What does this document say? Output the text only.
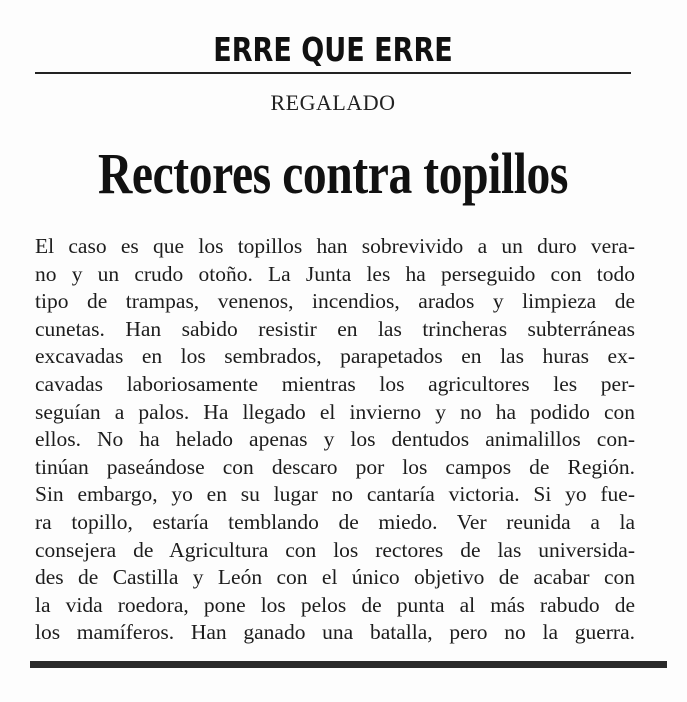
ERRE QUE ERRE
REGALADO
Rectores contra topillos
El caso es que los topillos han sobrevivido a un duro vera-
no y un crudo otoño. La Junta les ha perseguido con todo
tipo de trampas, venenos, incendios, arados y limpieza de
cunetas. Han sabido resistir en las trincheras subterráneas
excavadas en los sembrados, parapetados en las huras ex-
cavadas laboriosamente mientras los agricultores les per-
seguían a palos. Ha llegado el invierno y no ha podido con
ellos. No ha helado apenas y los dentudos animalillos con-
tinúan paseándose con descaro por los campos de Región.
Sin embargo, yo en su lugar no cantaría victoria. Si yo fue-
ra topillo, estaría temblando de miedo. Ver reunida a la
consejera de Agricultura con los rectores de las universida-
des de Castilla y León con el único objetivo de acabar con
la vida roedora, pone los pelos de punta al más rabudo de
los mamíferos. Han ganado una batalla, pero no la guerra.
